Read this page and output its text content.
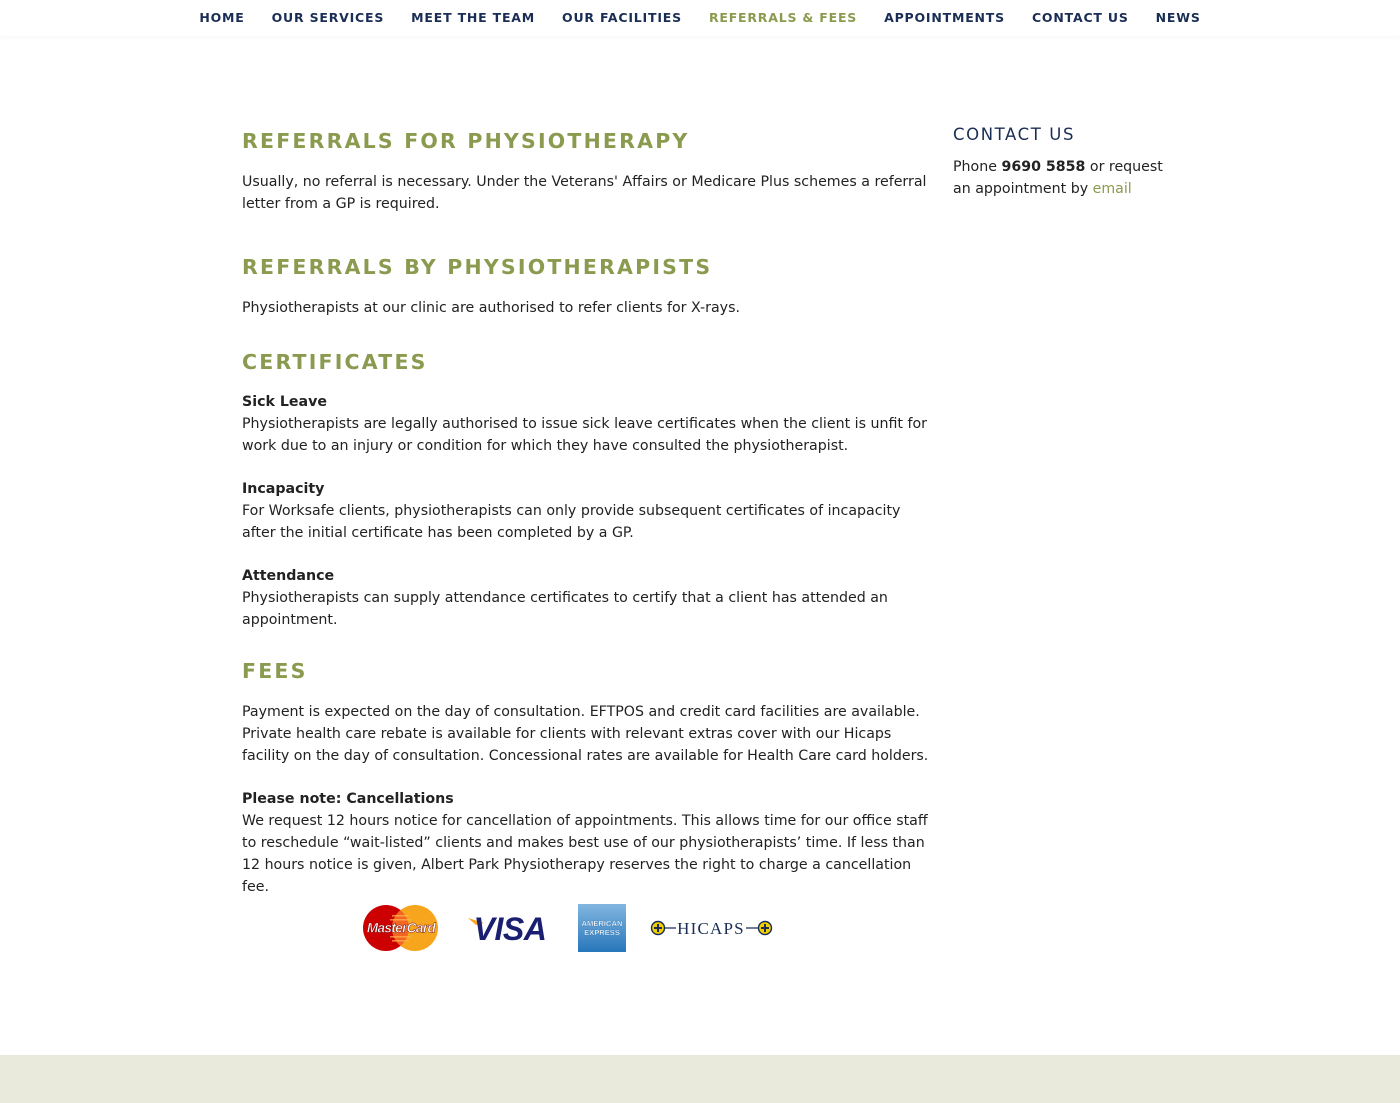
HOME	OUR SERVICES	MEET THE TEAM	OUR FACILITIES	REFERRALS & FEES	APPOINTMENTS	CONTACT US	NEWS
REFERRALS FOR PHYSIOTHERAPY

Usually, no referral is necessary. Under the Veterans' Affairs or Medicare Plus schemes a referral letter from a GP is required.

REFERRALS BY PHYSIOTHERAPISTS

Physiotherapists at our clinic are authorised to refer clients for X-rays.

CERTIFICATES

Sick Leave

Physiotherapists are legally authorised to issue sick leave certificates when the client is unfit for work due to an injury or condition for which they have consulted the physiotherapist.

Incapacity

For Worksafe clients, physiotherapists can only provide subsequent certificates of incapacity after the initial certificate has been completed by a GP.

Attendance

Physiotherapists can supply attendance certificates to certify that a client has attended an appointment.

FEES

Payment is expected on the day of consultation. EFTPOS and credit card facilities are available. Private health care rebate is available for clients with relevant extras cover with our Hicaps facility on the day of consultation. Concessional rates are available for Health Care card holders.

Please note: Cancellations

We request 12 hours notice for cancellation of appointments. This allows time for our office staff to reschedule “wait-listed” clients and makes best use of our physiotherapists’ time. If less than 12 hours notice is given, Albert Park Physiotherapy reserves the right to charge a cancellation fee.

MasterCard VISA	AMERICAN
EXPRESS	HICAPS
CONTACT US

Phone 9690 5858 or request an appointment by email
